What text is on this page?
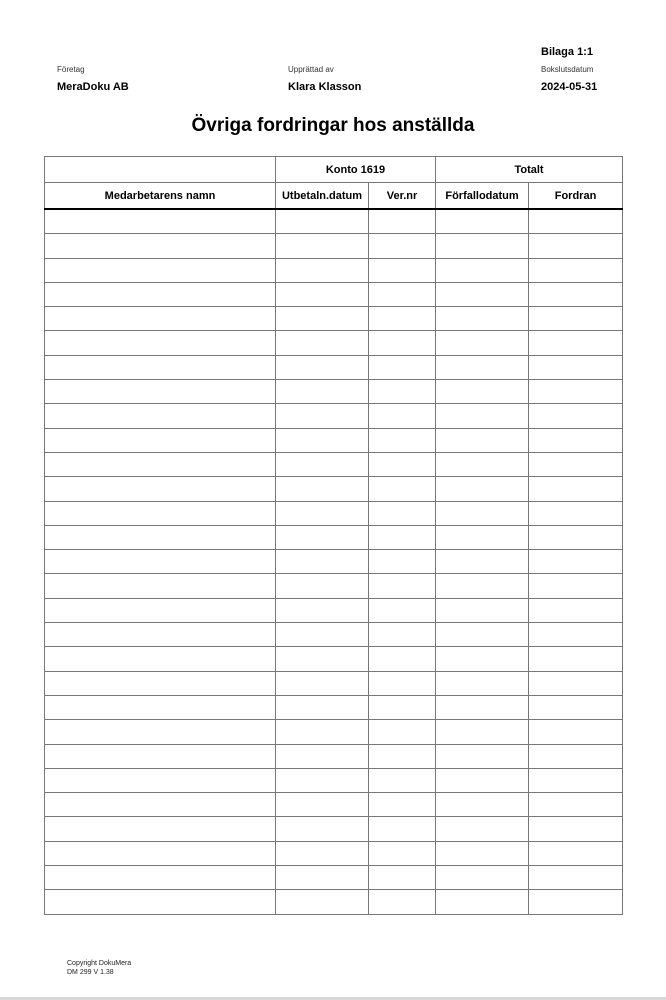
Företag
MeraDoku AB
Upprättad av
Klara Klasson
Bilaga 1:1
Bokslutsdatum
2024-05-31
Övriga fordringar hos anställda
	Konto 1619		Totalt	
Medarbetarens namn	Utbetaln.datum	Ver.nr	Förfallodatum	Fordran

Copyright DokuMera
DM 299 V 1.38
